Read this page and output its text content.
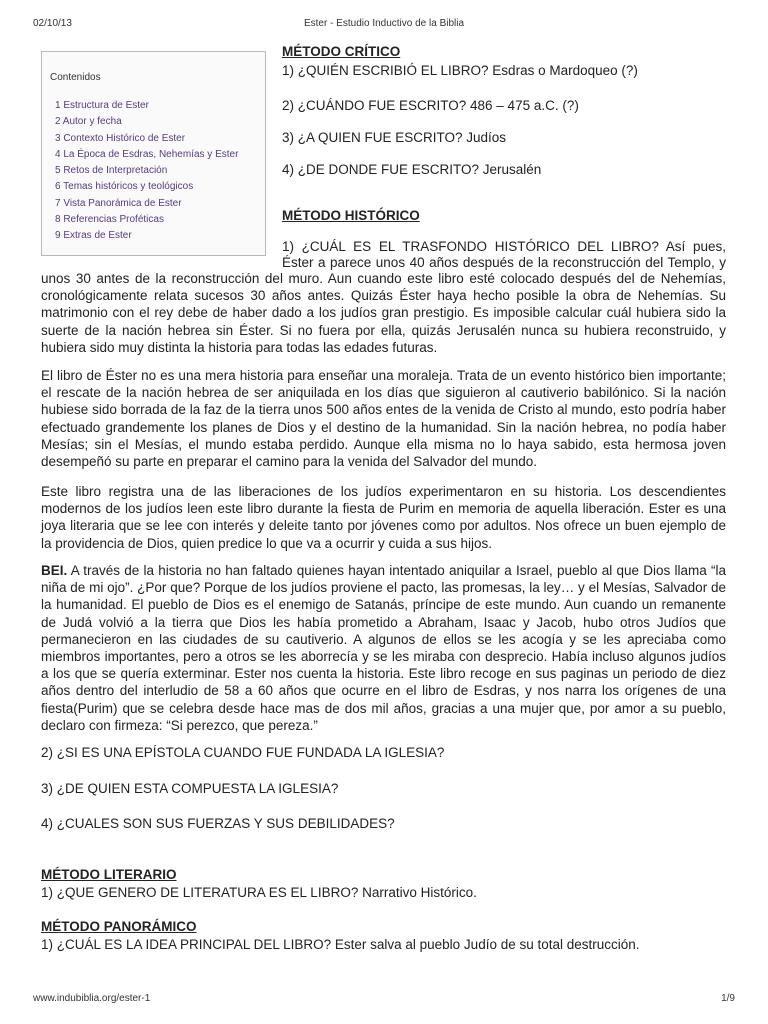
02/10/13	Ester - Estudio Inductivo de la Biblia
Contenidos
1 Estructura de Ester
2 Autor y fecha
3 Contexto Histórico de Ester
4 La Época de Esdras, Nehemías y Ester
5 Retos de Interpretación
6 Temas históricos y teológicos
7 Vista Panorámica de Ester
8 Referencias Proféticas
9 Extras de Ester
MÉTODO CRÍTICO
1) ¿QUIÉN ESCRIBIÓ EL LIBRO? Esdras o Mardoqueo (?)
2) ¿CUÁNDO FUE ESCRITO? 486 – 475 a.C. (?)
3) ¿A QUIEN FUE ESCRITO? Judíos
4) ¿DE DONDE FUE ESCRITO? Jerusalén
MÉTODO HISTÓRICO
1) ¿CUÁL ES EL TRASFONDO HISTÓRICO DEL LIBRO? Así pues,
Éster a parece unos 40 años después de la reconstrucción del Templo, y
unos 30 antes de la reconstrucción del muro. Aun cuando este libro esté colocado después del de Nehemías, cronológicamente relata sucesos 30 años antes. Quizás Éster haya hecho posible la obra de Nehemías. Su matrimonio con el rey debe de haber dado a los judíos gran prestigio. Es imposible calcular cuál hubiera sido la suerte de la nación hebrea sin Éster. Si no fuera por ella, quizás Jerusalén nunca su hubiera reconstruido, y hubiera sido muy distinta la historia para todas las edades futuras.
El libro de Éster no es una mera historia para enseñar una moraleja. Trata de un evento histórico bien importante; el rescate de la nación hebrea de ser aniquilada en los días que siguieron al cautiverio babilónico. Si la nación hubiese sido borrada de la faz de la tierra unos 500 años entes de la venida de Cristo al mundo, esto podría haber efectuado grandemente los planes de Dios y el destino de la humanidad. Sin la nación hebrea, no podía haber Mesías; sin el Mesías, el mundo estaba perdido. Aunque ella misma no lo haya sabido, esta hermosa joven desempeñó su parte en preparar el camino para la venida del Salvador del mundo.
Este libro registra una de las liberaciones de los judíos experimentaron en su historia. Los descendientes modernos de los judíos leen este libro durante la fiesta de Purim en memoria de aquella liberación. Ester es una joya literaria que se lee con interés y deleite tanto por jóvenes como por adultos. Nos ofrece un buen ejemplo de la providencia de Dios, quien predice lo que va a ocurrir y cuida a sus hijos.
BEI. A través de la historia no han faltado quienes hayan intentado aniquilar a Israel, pueblo al que Dios llama “la niña de mi ojo”. ¿Por que? Porque de los judíos proviene el pacto, las promesas, la ley… y el Mesías, Salvador de la humanidad. El pueblo de Dios es el enemigo de Satanás, príncipe de este mundo. Aun cuando un remanente de Judá volvió a la tierra que Dios les había prometido a Abraham, Isaac y Jacob, hubo otros Judíos que permanecieron en las ciudades de su cautiverio. A algunos de ellos se les acogía y se les apreciaba como miembros importantes, pero a otros se les aborrecía y se les miraba con desprecio. Había incluso algunos judíos a los que se quería exterminar. Ester nos cuenta la historia. Este libro recoge en sus paginas un periodo de diez años dentro del interludio de 58 a 60 años que ocurre en el libro de Esdras, y nos narra los orígenes de una fiesta(Purim) que se celebra desde hace mas de dos mil años, gracias a una mujer que, por amor a su pueblo, declaro con firmeza: “Si perezco, que pereza.”
2) ¿SI ES UNA EPÍSTOLA CUANDO FUE FUNDADA LA IGLESIA?
3) ¿DE QUIEN ESTA COMPUESTA LA IGLESIA?
4) ¿CUALES SON SUS FUERZAS Y SUS DEBILIDADES?
MÉTODO LITERARIO
1) ¿QUE GENERO DE LITERATURA ES EL LIBRO? Narrativo Histórico.
MÉTODO PANORÁMICO
1) ¿CUÁL ES LA IDEA PRINCIPAL DEL LIBRO? Ester salva al pueblo Judío de su total destrucción.
www.indubiblia.org/ester-1	1/9
